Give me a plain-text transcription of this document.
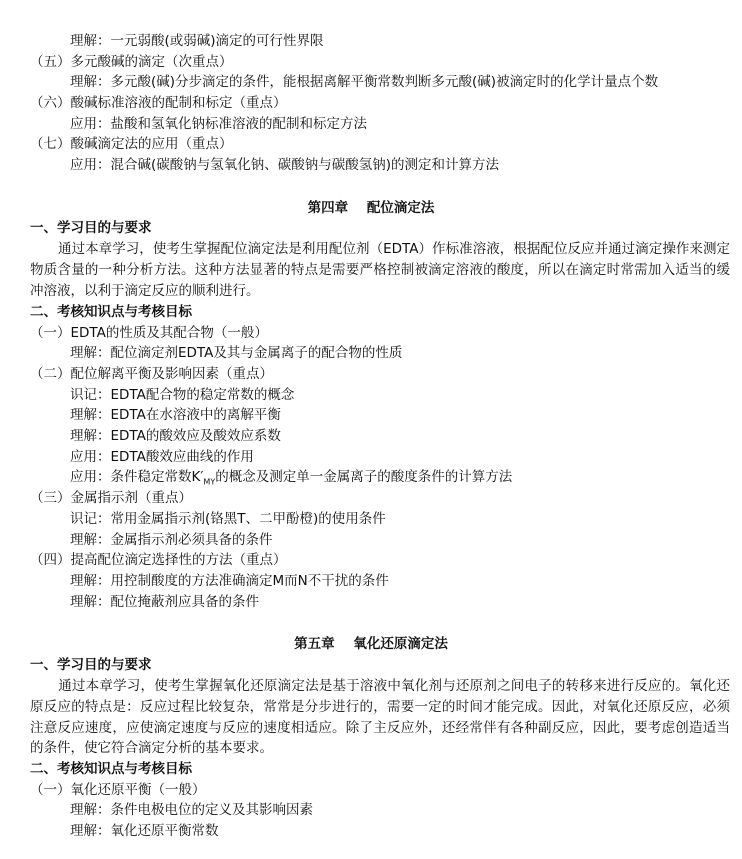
理解：一元弱酸(或弱碱)滴定的可行性界限
（五）多元酸碱的滴定（次重点）
理解：多元酸(碱)分步滴定的条件，能根据离解平衡常数判断多元酸(碱)被滴定时的化学计量点个数
（六）酸碱标准溶液的配制和标定（重点）
应用：盐酸和氢氧化钠标准溶液的配制和标定方法
（七）酸碱滴定法的应用（重点）
应用：混合碱(碳酸钠与氢氧化钠、碳酸钠与碳酸氢钠)的测定和计算方法
第四章    配位滴定法
一、学习目的与要求
通过本章学习，使考生掌握配位滴定法是利用配位剂（EDTA）作标准溶液，根据配位反应并通过滴定操作来测定物质含量的一种分析方法。这种方法显著的特点是需要严格控制被滴定溶液的酸度，所以在滴定时常需加入适当的缓冲溶液，以利于滴定反应的顺利进行。
二、考核知识点与考核目标
（一）EDTA的性质及其配合物（一般）
理解：配位滴定剂EDTA及其与金属离子的配合物的性质
（二）配位解离平衡及影响因素（重点）
识记：EDTA配合物的稳定常数的概念
理解：EDTA在水溶液中的离解平衡
理解：EDTA的酸效应及酸效应系数
应用：EDTA酸效应曲线的作用
应用：条件稳定常数$K'_{MY}$的概念及测定单一金属离子的酸度条件的计算方法
（三）金属指示剂（重点）
识记：常用金属指示剂(铬黑T、二甲酚橙)的使用条件
理解：金属指示剂必须具备的条件
（四）提高配位滴定选择性的方法（重点）
理解：用控制酸度的方法准确滴定M而N不干扰的条件
理解：配位掩蔽剂应具备的条件
第五章    氧化还原滴定法
一、学习目的与要求
通过本章学习，使考生掌握氧化还原滴定法是基于溶液中氧化剂与还原剂之间电子的转移来进行反应的。氧化还原反应的特点是：反应过程比较复杂，常常是分步进行的，需要一定的时间才能完成。因此，对氧化还原反应，必须注意反应速度，应使滴定速度与反应的速度相适应。除了主反应外，还经常伴有各种副反应，因此，要考虑创造适当的条件，使它符合滴定分析的基本要求。
二、考核知识点与考核目标
（一）氧化还原平衡（一般）
理解：条件电极电位的定义及其影响因素
理解：氧化还原平衡常数
